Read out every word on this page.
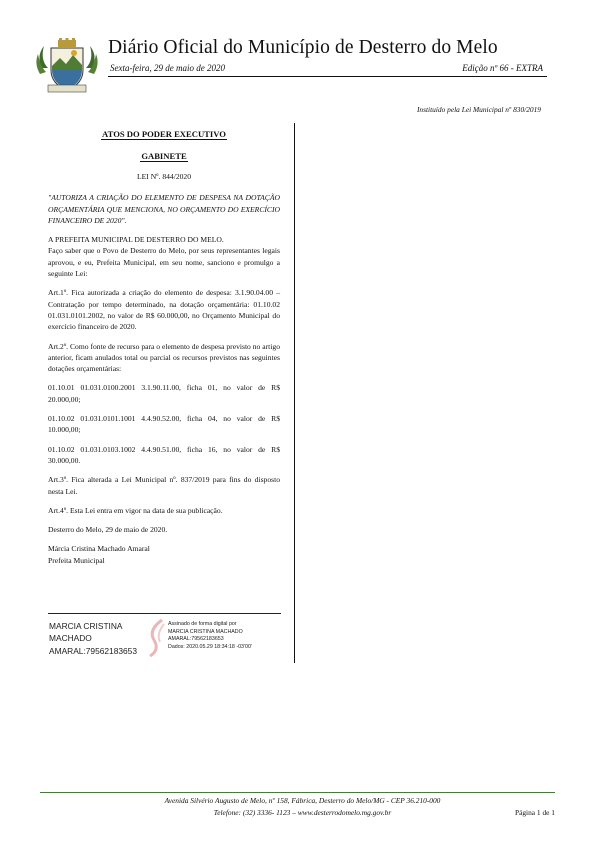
Diário Oficial do Município de Desterro do Melo
Sexta-feira, 29 de maio de 2020	Edição nº 66 - EXTRA
Instituído pela Lei Municipal nº 830/2019
ATOS DO PODER EXECUTIVO
GABINETE
LEI Nº. 844/2020

"AUTORIZA A CRIAÇÃO DO ELEMENTO DE DESPESA NA DOTAÇÃO ORÇAMENTÁRIA QUE MENCIONA, NO ORÇAMENTO DO EXERCÍCIO FINANCEIRO DE 2020".

A PREFEITA MUNICIPAL DE DESTERRO DO MELO.

Faço saber que o Povo de Desterro do Melo, por seus representantes legais aprovou, e eu, Prefeita Municipal, em seu nome, sanciono e promulgo a seguinte Lei:

Art.1º. Fica autorizada a criação do elemento de despesa: 3.1.90.04.00 – Contratação por tempo determinado, na dotação orçamentária: 01.10.02 01.031.0101.2002, no valor de R$ 60.000,00, no Orçamento Municipal do exercício financeiro de 2020.

Art.2º. Como fonte de recurso para o elemento de despesa previsto no artigo anterior, ficam anulados total ou parcial os recursos previstos nas seguintes dotações orçamentárias:

01.10.01 01.031.0100.2001 3.1.90.11.00, ficha 01, no valor de R$ 20.000,00;

01.10.02 01.031.0101.1001 4.4.90.52.00, ficha 04, no valor de R$ 10.000,00;

01.10.02 01.031.0103.1002 4.4.90.51.00, ficha 16, no valor de R$ 30.000,00.

Art.3º. Fica alterada a Lei Municipal nº. 837/2019 para fins do disposto nesta Lei.

Art.4º. Esta Lei entra em vigor na data de sua publicação.

Desterro do Melo, 29 de maio de 2020.

Márcia Cristina Machado Amaral

Prefeita Municipal

MARCIA CRISTINA MACHADO AMARAL:79562183653
Assinado de forma digital por
MARCIA CRISTINA MACHADO
AMARAL:79562183653
Dados: 2020.05.29 18:34:18 -03'00'
Avenida Silvério Augusto de Melo, nº 158, Fábrica, Desterro do Melo/MG - CEP 36.210-000
Telefone: (32) 3336- 1123 – www.desterrodomelo.mg.gov.br	Página 1 de 1
